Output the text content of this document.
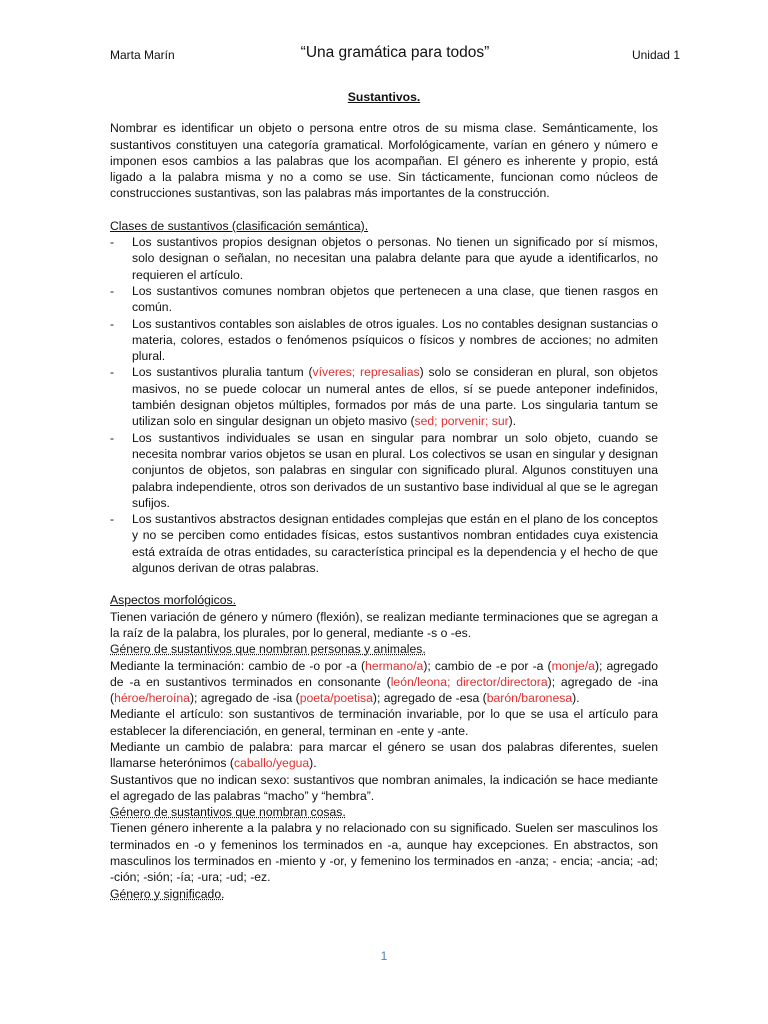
Marta Marín	“Una gramática para todos”	Unidad 1
Sustantivos.

Nombrar es identificar un objeto o persona entre otros de su misma clase. Semánticamente, los sustantivos constituyen una categoría gramatical. Morfológicamente, varían en género y número e imponen esos cambios a las palabras que los acompañan. El género es inherente y propio, está ligado a la palabra misma y no a como se use. Sin tácticamente, funcionan como núcleos de construcciones sustantivas, son las palabras más importantes de la construcción.

Clases de sustantivos (clasificación semántica).
- Los sustantivos propios designan objetos o personas. No tienen un significado por sí mismos, solo designan o señalan, no necesitan una palabra delante para que ayude a identificarlos, no requieren el artículo.
- Los sustantivos comunes nombran objetos que pertenecen a una clase, que tienen rasgos en común.
- Los sustantivos contables son aislables de otros iguales. Los no contables designan sustancias o materia, colores, estados o fenómenos psíquicos o físicos y nombres de acciones; no admiten plural.
- Los sustantivos pluralia tantum (víveres; represalias) solo se consideran en plural, son objetos masivos, no se puede colocar un numeral antes de ellos, sí se puede anteponer indefinidos, también designan objetos múltiples, formados por más de una parte. Los singularia tantum se utilizan solo en singular designan un objeto masivo (sed; porvenir; sur).
- Los sustantivos individuales se usan en singular para nombrar un solo objeto, cuando se necesita nombrar varios objetos se usan en plural. Los colectivos se usan en singular y designan conjuntos de objetos, son palabras en singular con significado plural. Algunos constituyen una palabra independiente, otros son derivados de un sustantivo base individual al que se le agregan sufijos.
- Los sustantivos abstractos designan entidades complejas que están en el plano de los conceptos y no se perciben como entidades físicas, estos sustantivos nombran entidades cuya existencia está extraída de otras entidades, su característica principal es la dependencia y el hecho de que algunos derivan de otras palabras.
Aspectos morfológicos.

Tienen variación de género y número (flexión), se realizan mediante terminaciones que se agregan a la raíz de la palabra, los plurales, por lo general, mediante -s o -es.

Género de sustantivos que nombran personas y animales.

Mediante la terminación: cambio de -o por -a (hermano/a); cambio de -e por -a (monje/a); agregado de -a en sustantivos terminados en consonante (león/leona; director/directora); agregado de -ina (héroe/heroína); agregado de -isa (poeta/poetisa); agregado de -esa (barón/baronesa).

Mediante el artículo: son sustantivos de terminación invariable, por lo que se usa el artículo para establecer la diferenciación, en general, terminan en -ente y -ante.

Mediante un cambio de palabra: para marcar el género se usan dos palabras diferentes, suelen llamarse heterónimos (caballo/yegua).

Sustantivos que no indican sexo: sustantivos que nombran animales, la indicación se hace mediante el agregado de las palabras “macho” y “hembra”.

Género de sustantivos que nombran cosas.

Tienen género inherente a la palabra y no relacionado con su significado. Suelen ser masculinos los terminados en -o y femeninos los terminados en -a, aunque hay excepciones. En abstractos, son masculinos los terminados en -miento y -or, y femenino los terminados en -anza; - encia; -ancia; -ad; -ción; -sión; -ía; -ura; -ud; -ez.

Género y significado.
1
